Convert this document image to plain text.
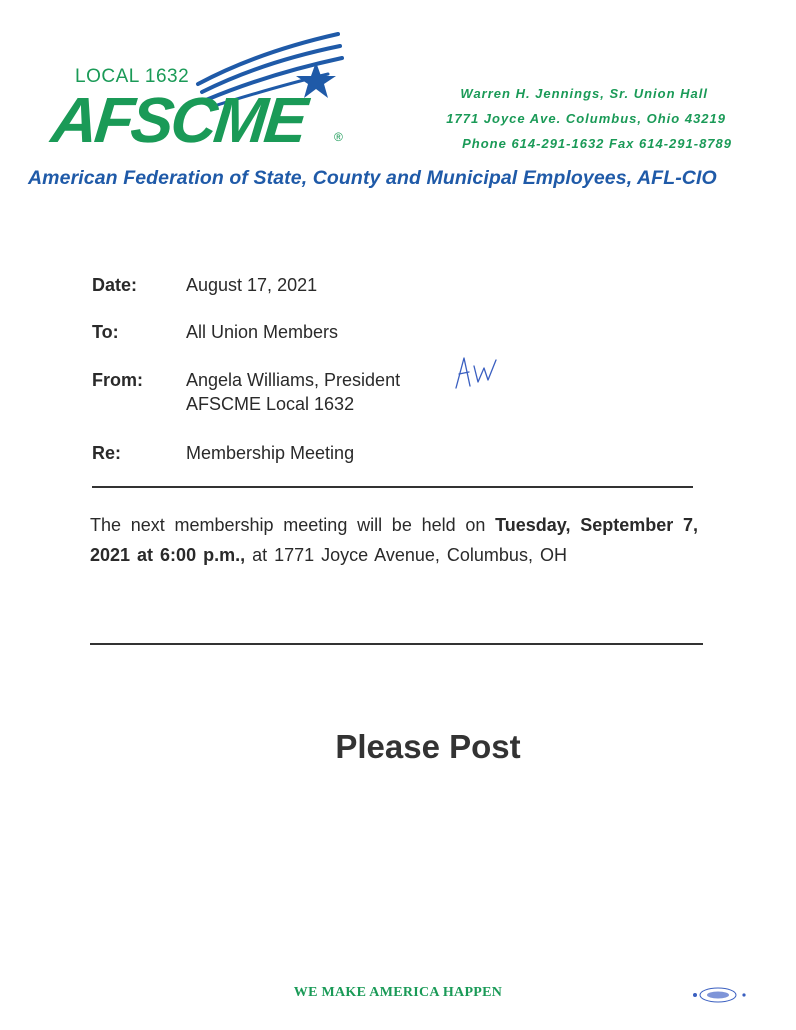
LOCAL 1632
AFSCME ®
Warren H. Jennings, Sr. Union Hall
1771 Joyce Ave. Columbus, Ohio 43219
Phone 614-291-1632 Fax 614-291-8789
American Federation of State, County and Municipal Employees, AFL-CIO
Date:	August 17, 2021
To:	All Union Members
From: Angela Williams, President
AFSCME Local 1632
Re:	Membership Meeting
The next membership meeting will be held on Tuesday, September 7, 2021 at 6:00 p.m., at 1771 Joyce Avenue, Columbus, OH
Please Post
WE MAKE AMERICA HAPPEN
